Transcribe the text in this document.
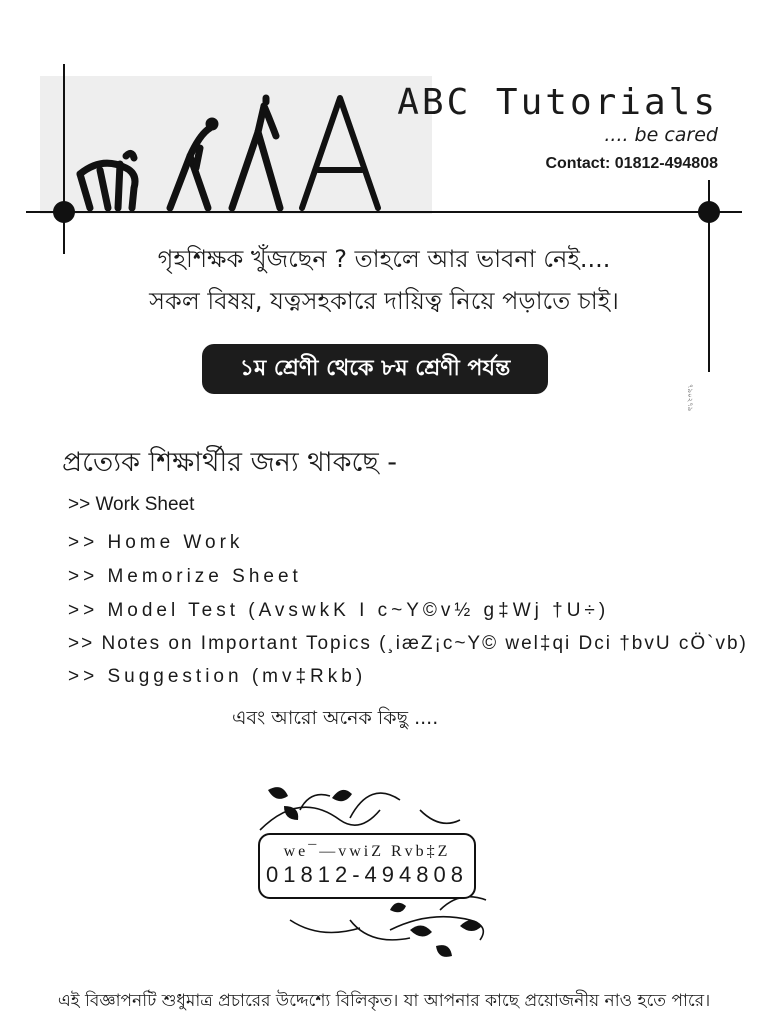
ABC Tutorials
.... be cared
Contact: 01812-494808
গৃহশিক্ষক খুঁজছেন ? তাহলে আর ভাবনা নেই....
সকল বিষয়, যত্নসহকারে দায়িত্ব নিয়ে পড়াতে চাই।
১ম শ্রেণী থেকে ৮ম শ্রেণী পর্যন্ত
৭৯০২৭৯
প্রত্যেক শিক্ষার্থীর জন্য থাকছে -
>> Work Sheet
>> Home Work
>> Memorize Sheet
>> Model Test (AvswkK I c~Y©v½ g‡Wj †U÷)
>> Notes on Important Topics (¸iæZ¡c~Y© wel‡qi Dci †bvU cÖ`vb)
>> Suggestion (mv‡Rkb)
এবং আরো অনেক কিছু ....
we¯—vwiZ Rvb‡Z
01812-494808
এই বিজ্ঞাপনটি শুধুমাত্র প্রচারের উদ্দেশ্যে বিলিকৃত। যা আপনার কাছে প্রয়োজনীয় নাও হতে পারে।
